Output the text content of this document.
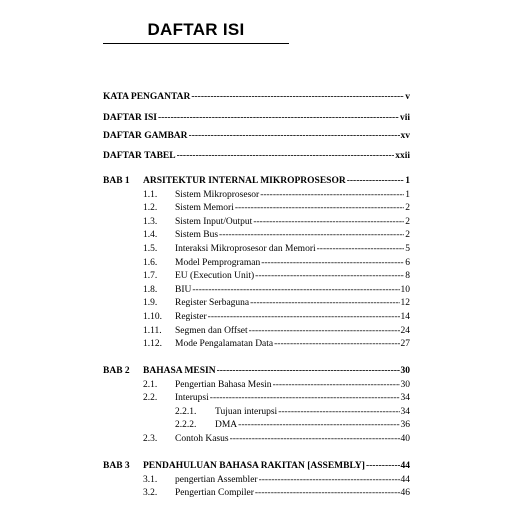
DAFTAR ISI
KATA PENGANTAR -----	v
DAFTAR ISI -----	vii
DAFTAR GAMBAR -----	xv
DAFTAR TABEL -----	xxii
BAB 1 ARSITEKTUR INTERNAL MIKROPROSESOR -----	1
1.1. Sistem Mikroprosesor -----	1
1.2. Sistem Memori -----	2
1.3. Sistem Input/Output -----	2
1.4. Sistem Bus -----	2
1.5. Interaksi Mikroprosesor dan Memori -----	5
1.6. Model Pemprograman -----	6
1.7. EU (Execution Unit) -----	8
1.8. BIU -----	10
1.9. Register Serbaguna -----	12
1.10. Register -----	14
1.11. Segmen dan Offset -----	24
1.12. Mode Pengalamatan Data -----	27
BAB 2 BAHASA MESIN -----	30
2.1. Pengertian Bahasa Mesin -----	30
2.2. Interupsi -----	34
2.2.1. Tujuan interupsi -----	34
2.2.2. DMA -----	36
2.3. Contoh Kasus -----	40
BAB 3 PENDAHULUAN BAHASA RAKITAN [ASSEMBLY] -----	44
3.1. pengertian Assembler -----	44
3.2. Pengertian Compiler -----	46
